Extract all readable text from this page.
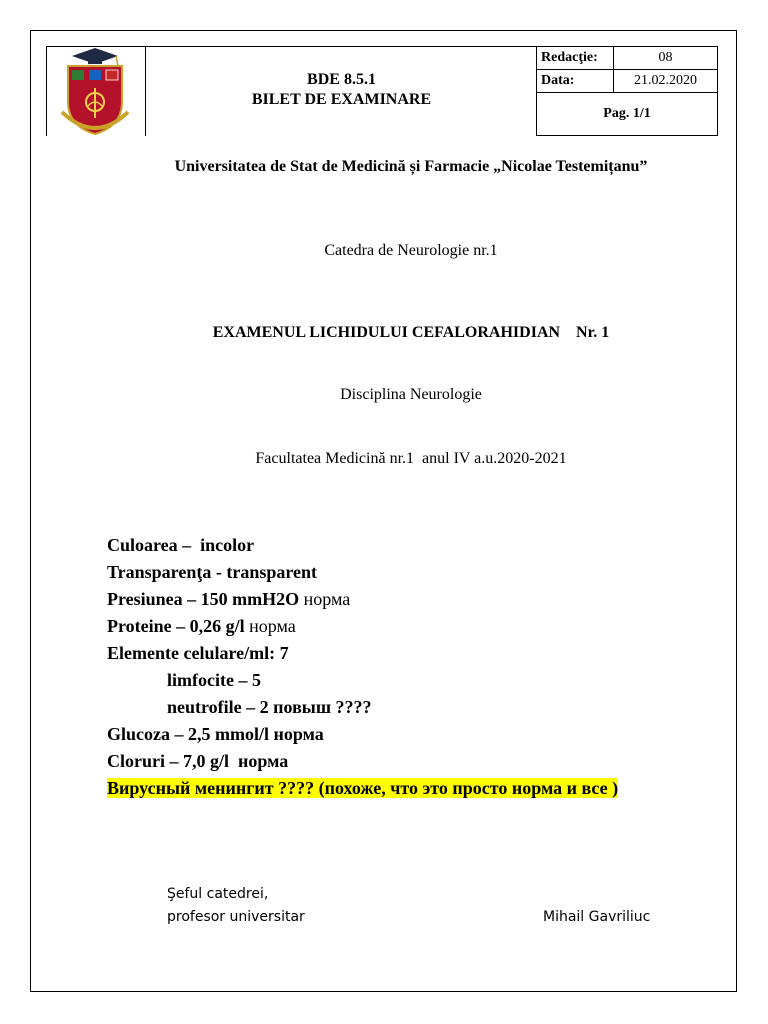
BDE 8.5.1
BILET DE EXAMINARE
Redacţie:	08
Data:	21.02.2020
Pag. 1/1	
Universitatea de Stat de Medicină și Farmacie „Nicolae Testemițanu”
Catedra de Neurologie nr.1
EXAMENUL LICHIDULUI CEFALORAHIDIAN    Nr. 1
Disciplina Neurologie
Facultatea Medicină nr.1  anul IV a.u.2020-2021
Culoarea –  incolor
Transparenţa - transparent
Presiunea – 150 mmH2O норма
Proteine – 0,26 g/l норма
Elemente celulare/ml: 7
limfocite – 5
neutrofile – 2 повыш ????
Glucoza – 2,5 mmol/l норма
Cloruri – 7,0 g/l  норма
Вирусный менингит ???? (похоже, что это просто норма и все )
Şeful catedrei,
profesor universitar	Mihail Gavriliuc
